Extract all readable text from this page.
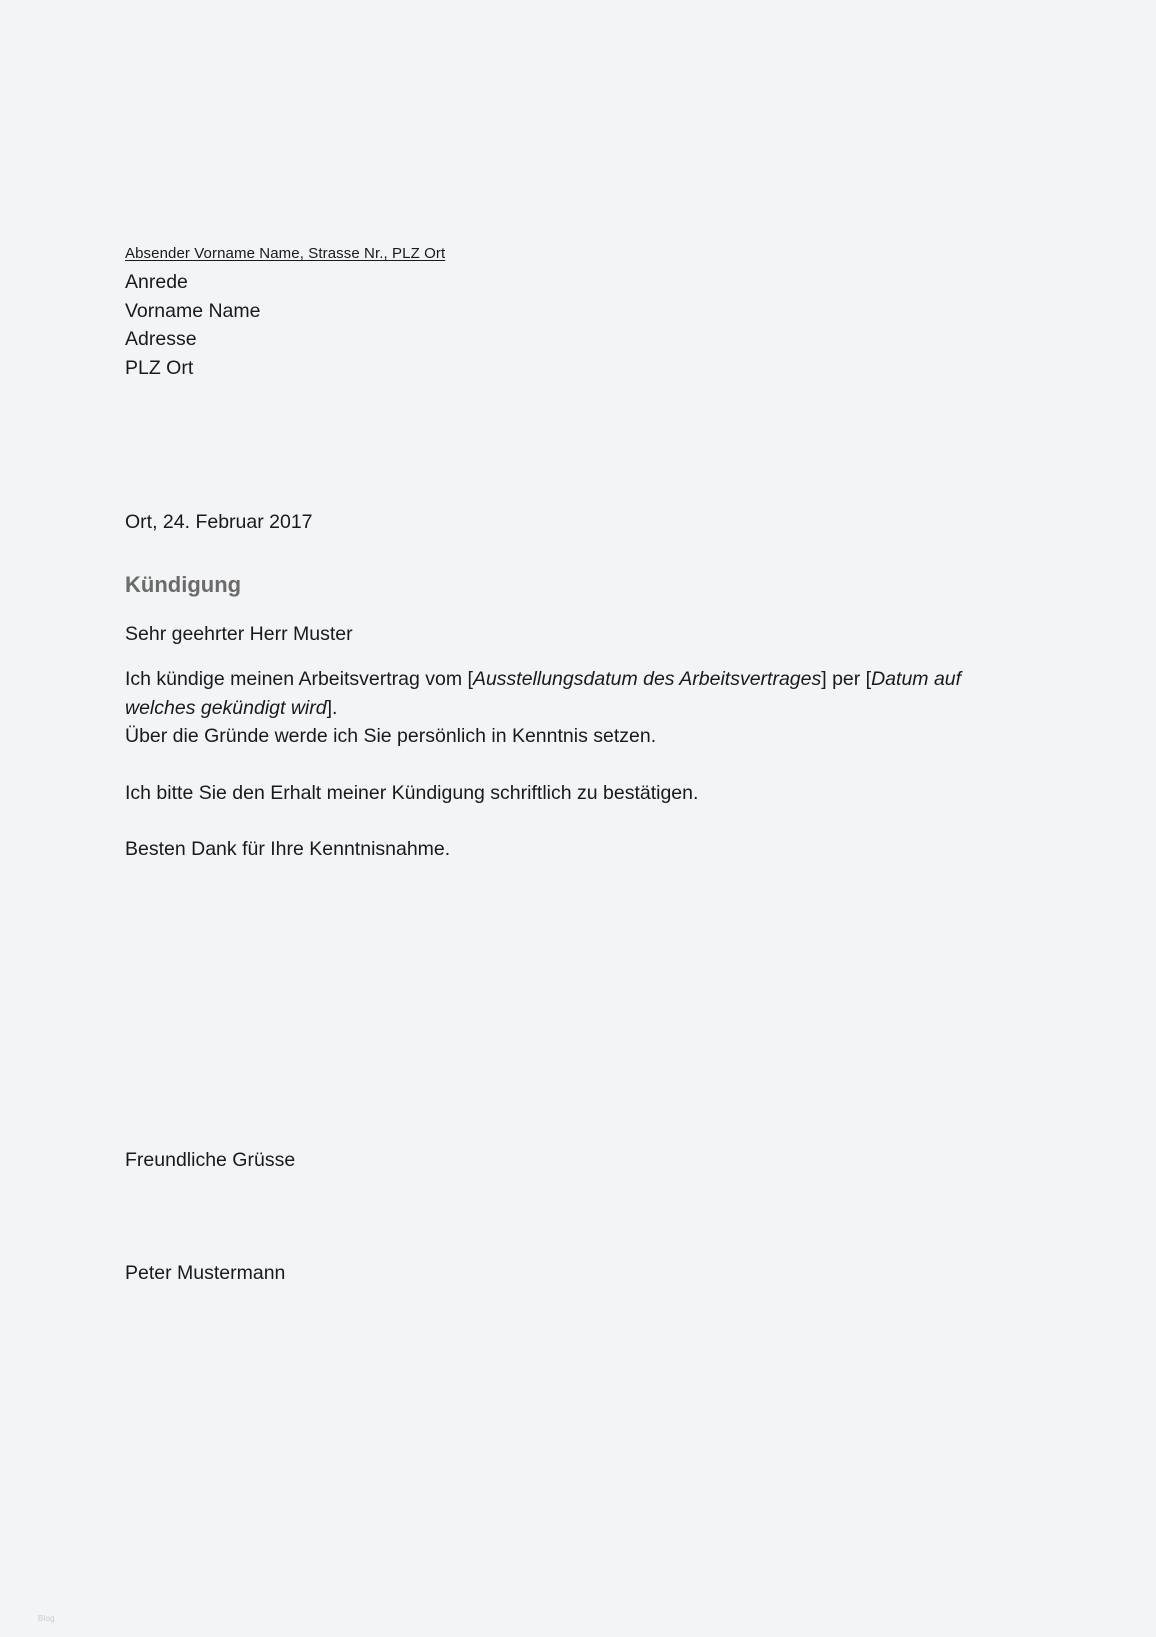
Absender Vorname Name, Strasse Nr., PLZ Ort
Anrede
Vorname Name
Adresse
PLZ Ort
Ort, 24. Februar 2017
Kündigung
Sehr geehrter Herr Muster

Ich kündige meinen Arbeitsvertrag vom [Ausstellungsdatum des Arbeitsvertrages] per [Datum auf welches gekündigt wird].

Über die Gründe werde ich Sie persönlich in Kenntnis setzen.

Ich bitte Sie den Erhalt meiner Kündigung schriftlich zu bestätigen.

Besten Dank für Ihre Kenntnisnahme.

Freundliche Grüsse
Peter Mustermann
Blog
